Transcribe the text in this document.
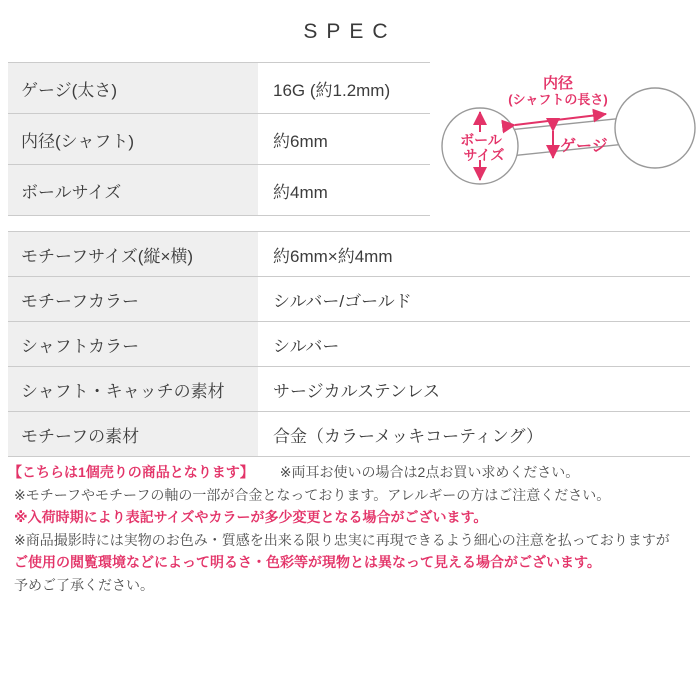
SPEC
ゲージ(太さ)	16G (約1.2mm)
内径(シャフト)	約6mm
ボールサイズ	約4mm
内径
(シャフトの長さ)
ゲージ
ボール
サイズ
モチーフサイズ(縦×横)	約6mm×約4mm
モチーフカラー	シルバー/ゴールド
シャフトカラー	シルバー
シャフト・キャッチの素材	サージカルステンレス
モチーフの素材	合金（カラーメッキコーティング）
【こちらは1個売りの商品となります】 ※両耳お使いの場合は2点お買い求めください。
※モチーフやモチーフの軸の一部が合金となっております。アレルギーの方はご注意ください。
※入荷時期により表記サイズやカラーが多少変更となる場合がございます。
※商品撮影時には実物のお色み・質感を出来る限り忠実に再現できるよう細心の注意を払っておりますが
ご使用の閲覧環境などによって明るさ・色彩等が現物とは異なって見える場合がございます。
予めご了承ください。
